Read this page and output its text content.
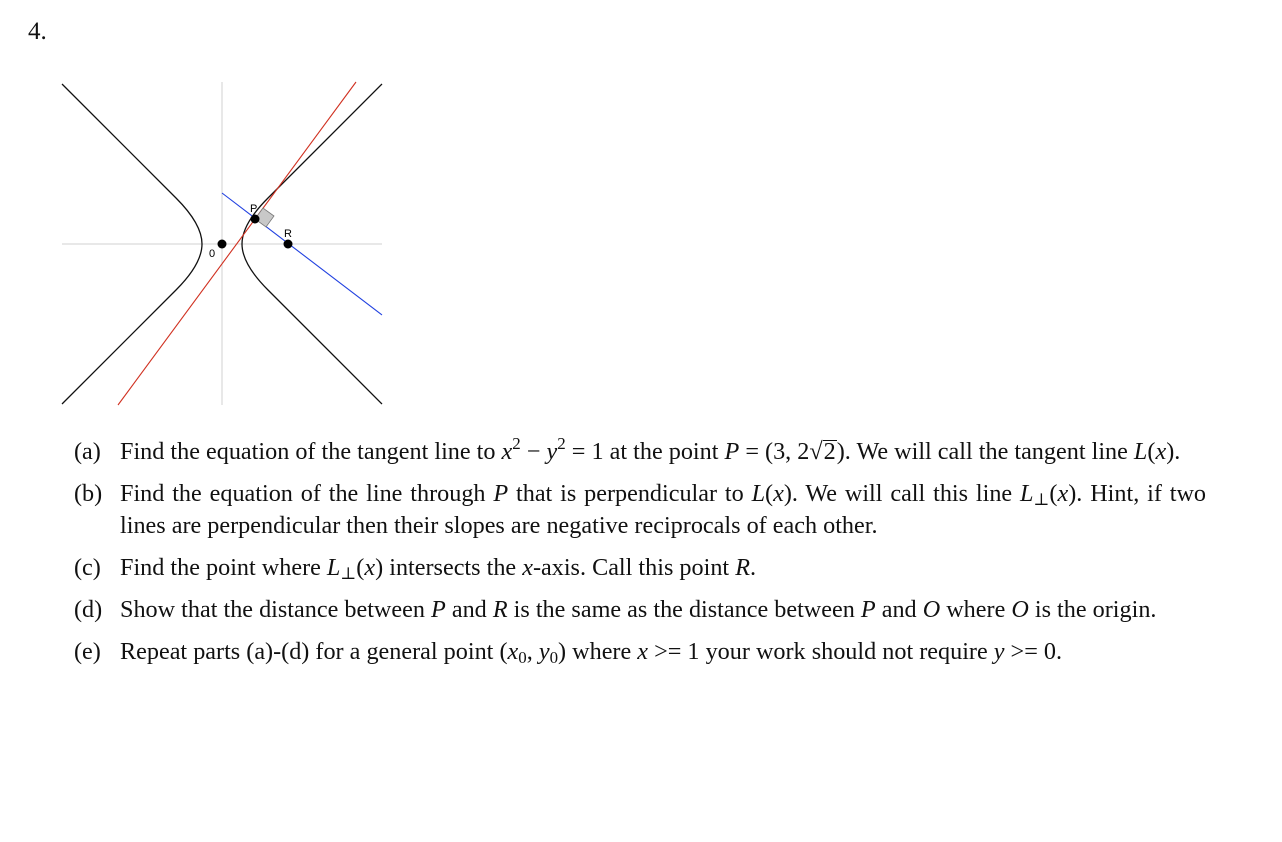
4.
P
R
0
(a) Find the equation of the tangent line to $x^2 - y^2 = 1$ at the point P = (3, 2√2). We will call the tangent line L(x).
(b) Find the equation of the line through P that is perpendicular to L(x). We will call this line L⊥(x). Hint, if two lines are perpendicular then their slopes are negative reciprocals of each other.
(c) Find the point where L⊥(x) intersects the x-axis. Call this point R.
(d) Show that the distance between P and R is the same as the distance between P and O where O is the origin.
(e) Repeat parts (a)-(d) for a general point ($x_0$, $y_0$) where x >= 1 your work should not require y >= 0.
